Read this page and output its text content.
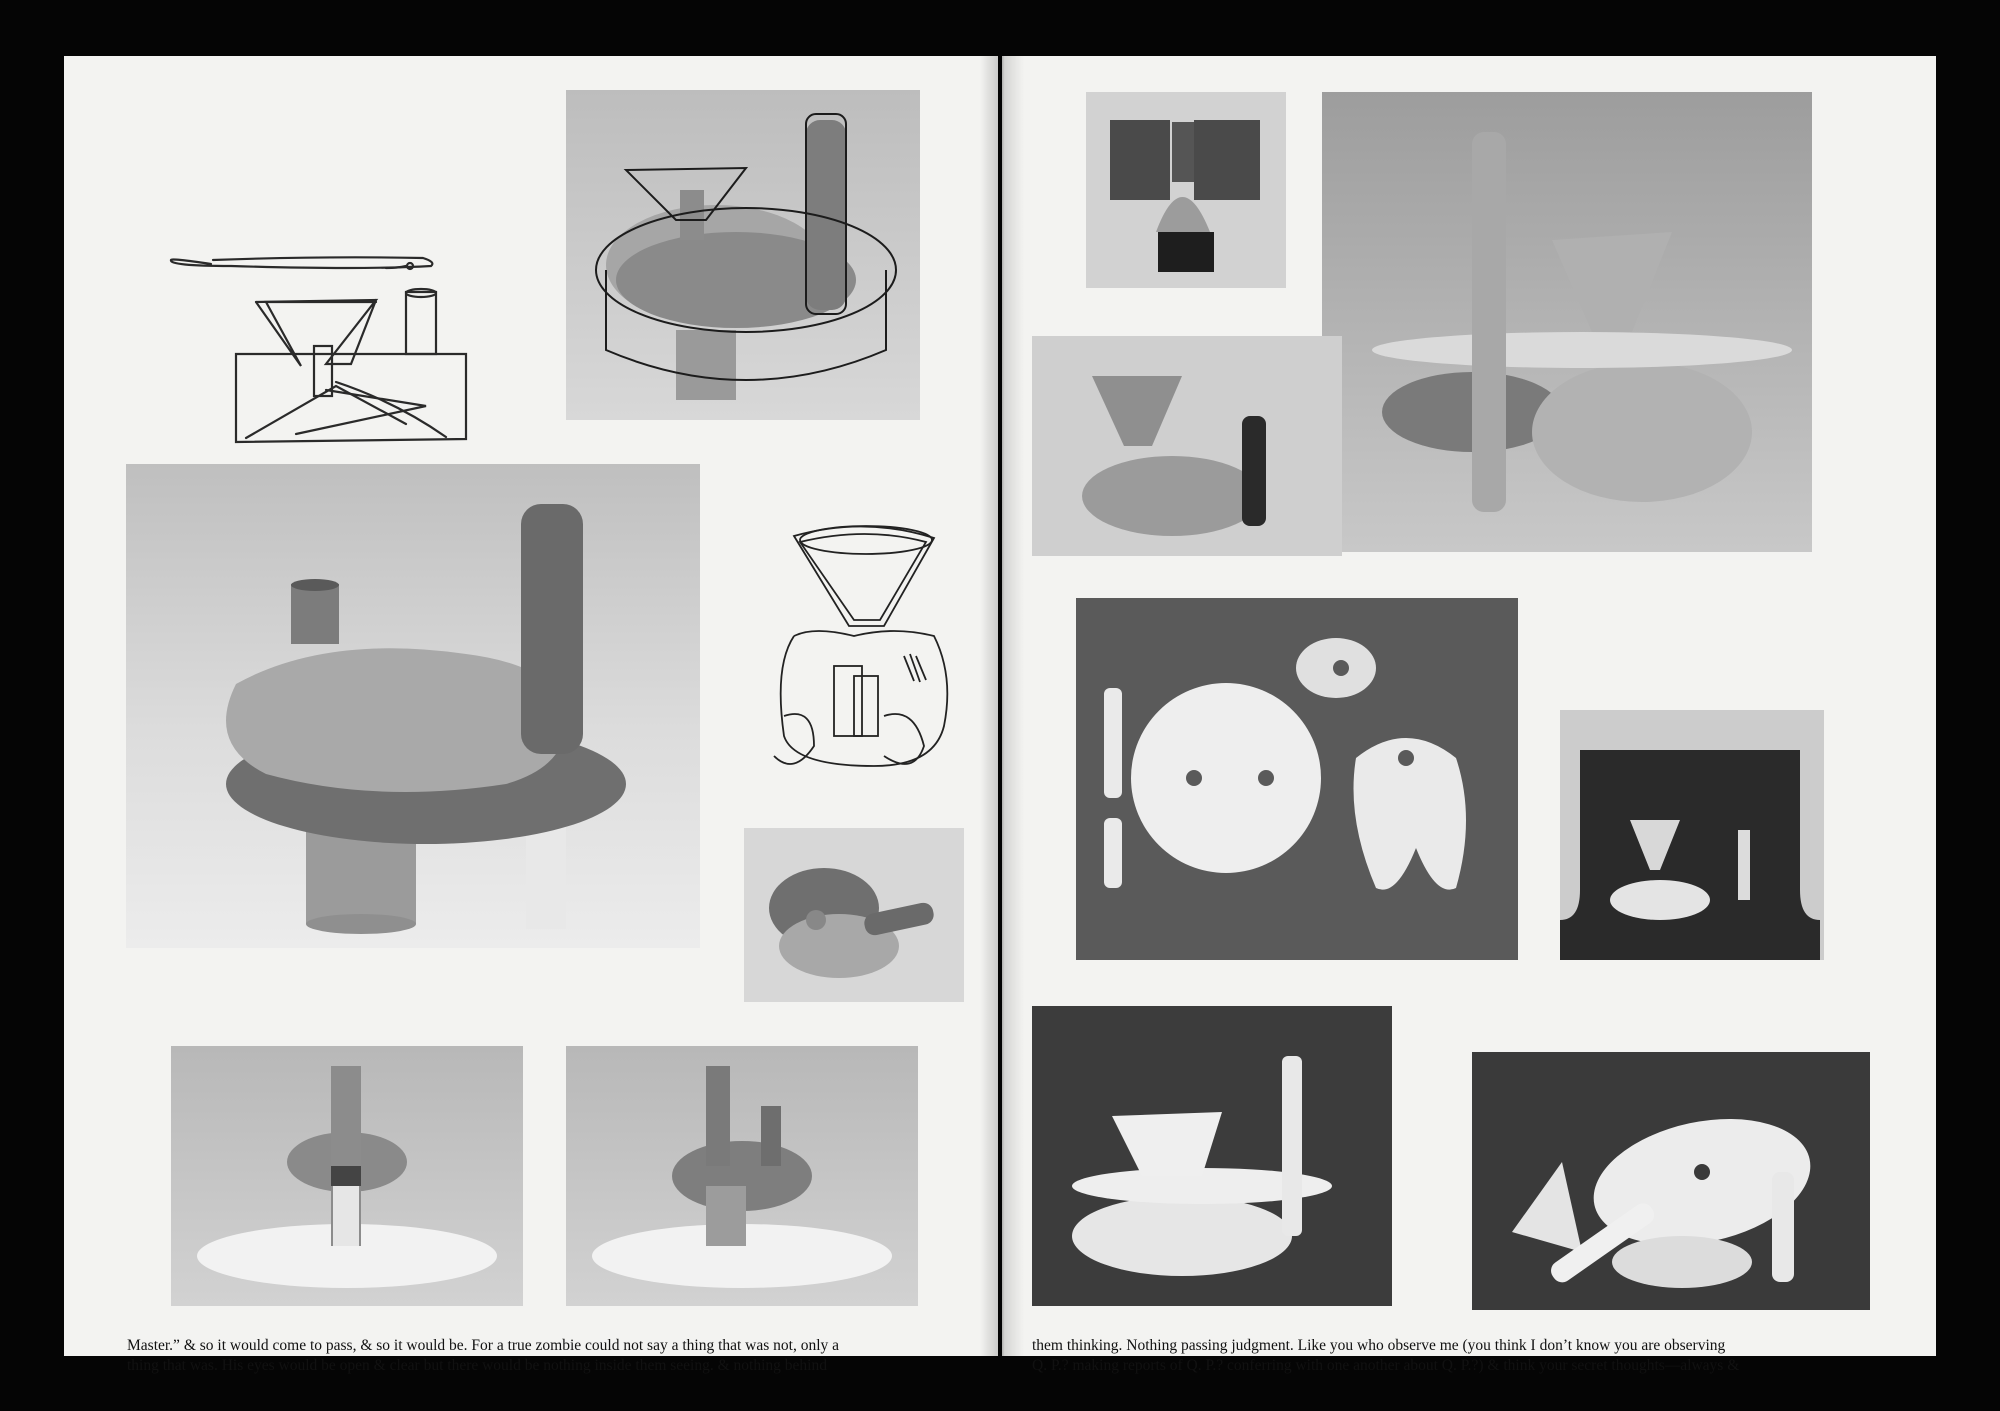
Master.” & so it would come to pass, & so it would be. For a true zombie could not say a thing that was not, only a
thing that was. His eyes would be open & clear but there would be nothing inside them seeing. & nothing behind
them thinking. Nothing passing judgment. Like you who observe me (you think I don’t know you are observing
Q. P.? making reports of Q. P.? conferring with one another about Q. P.?) & think your secret thoughts—always &
